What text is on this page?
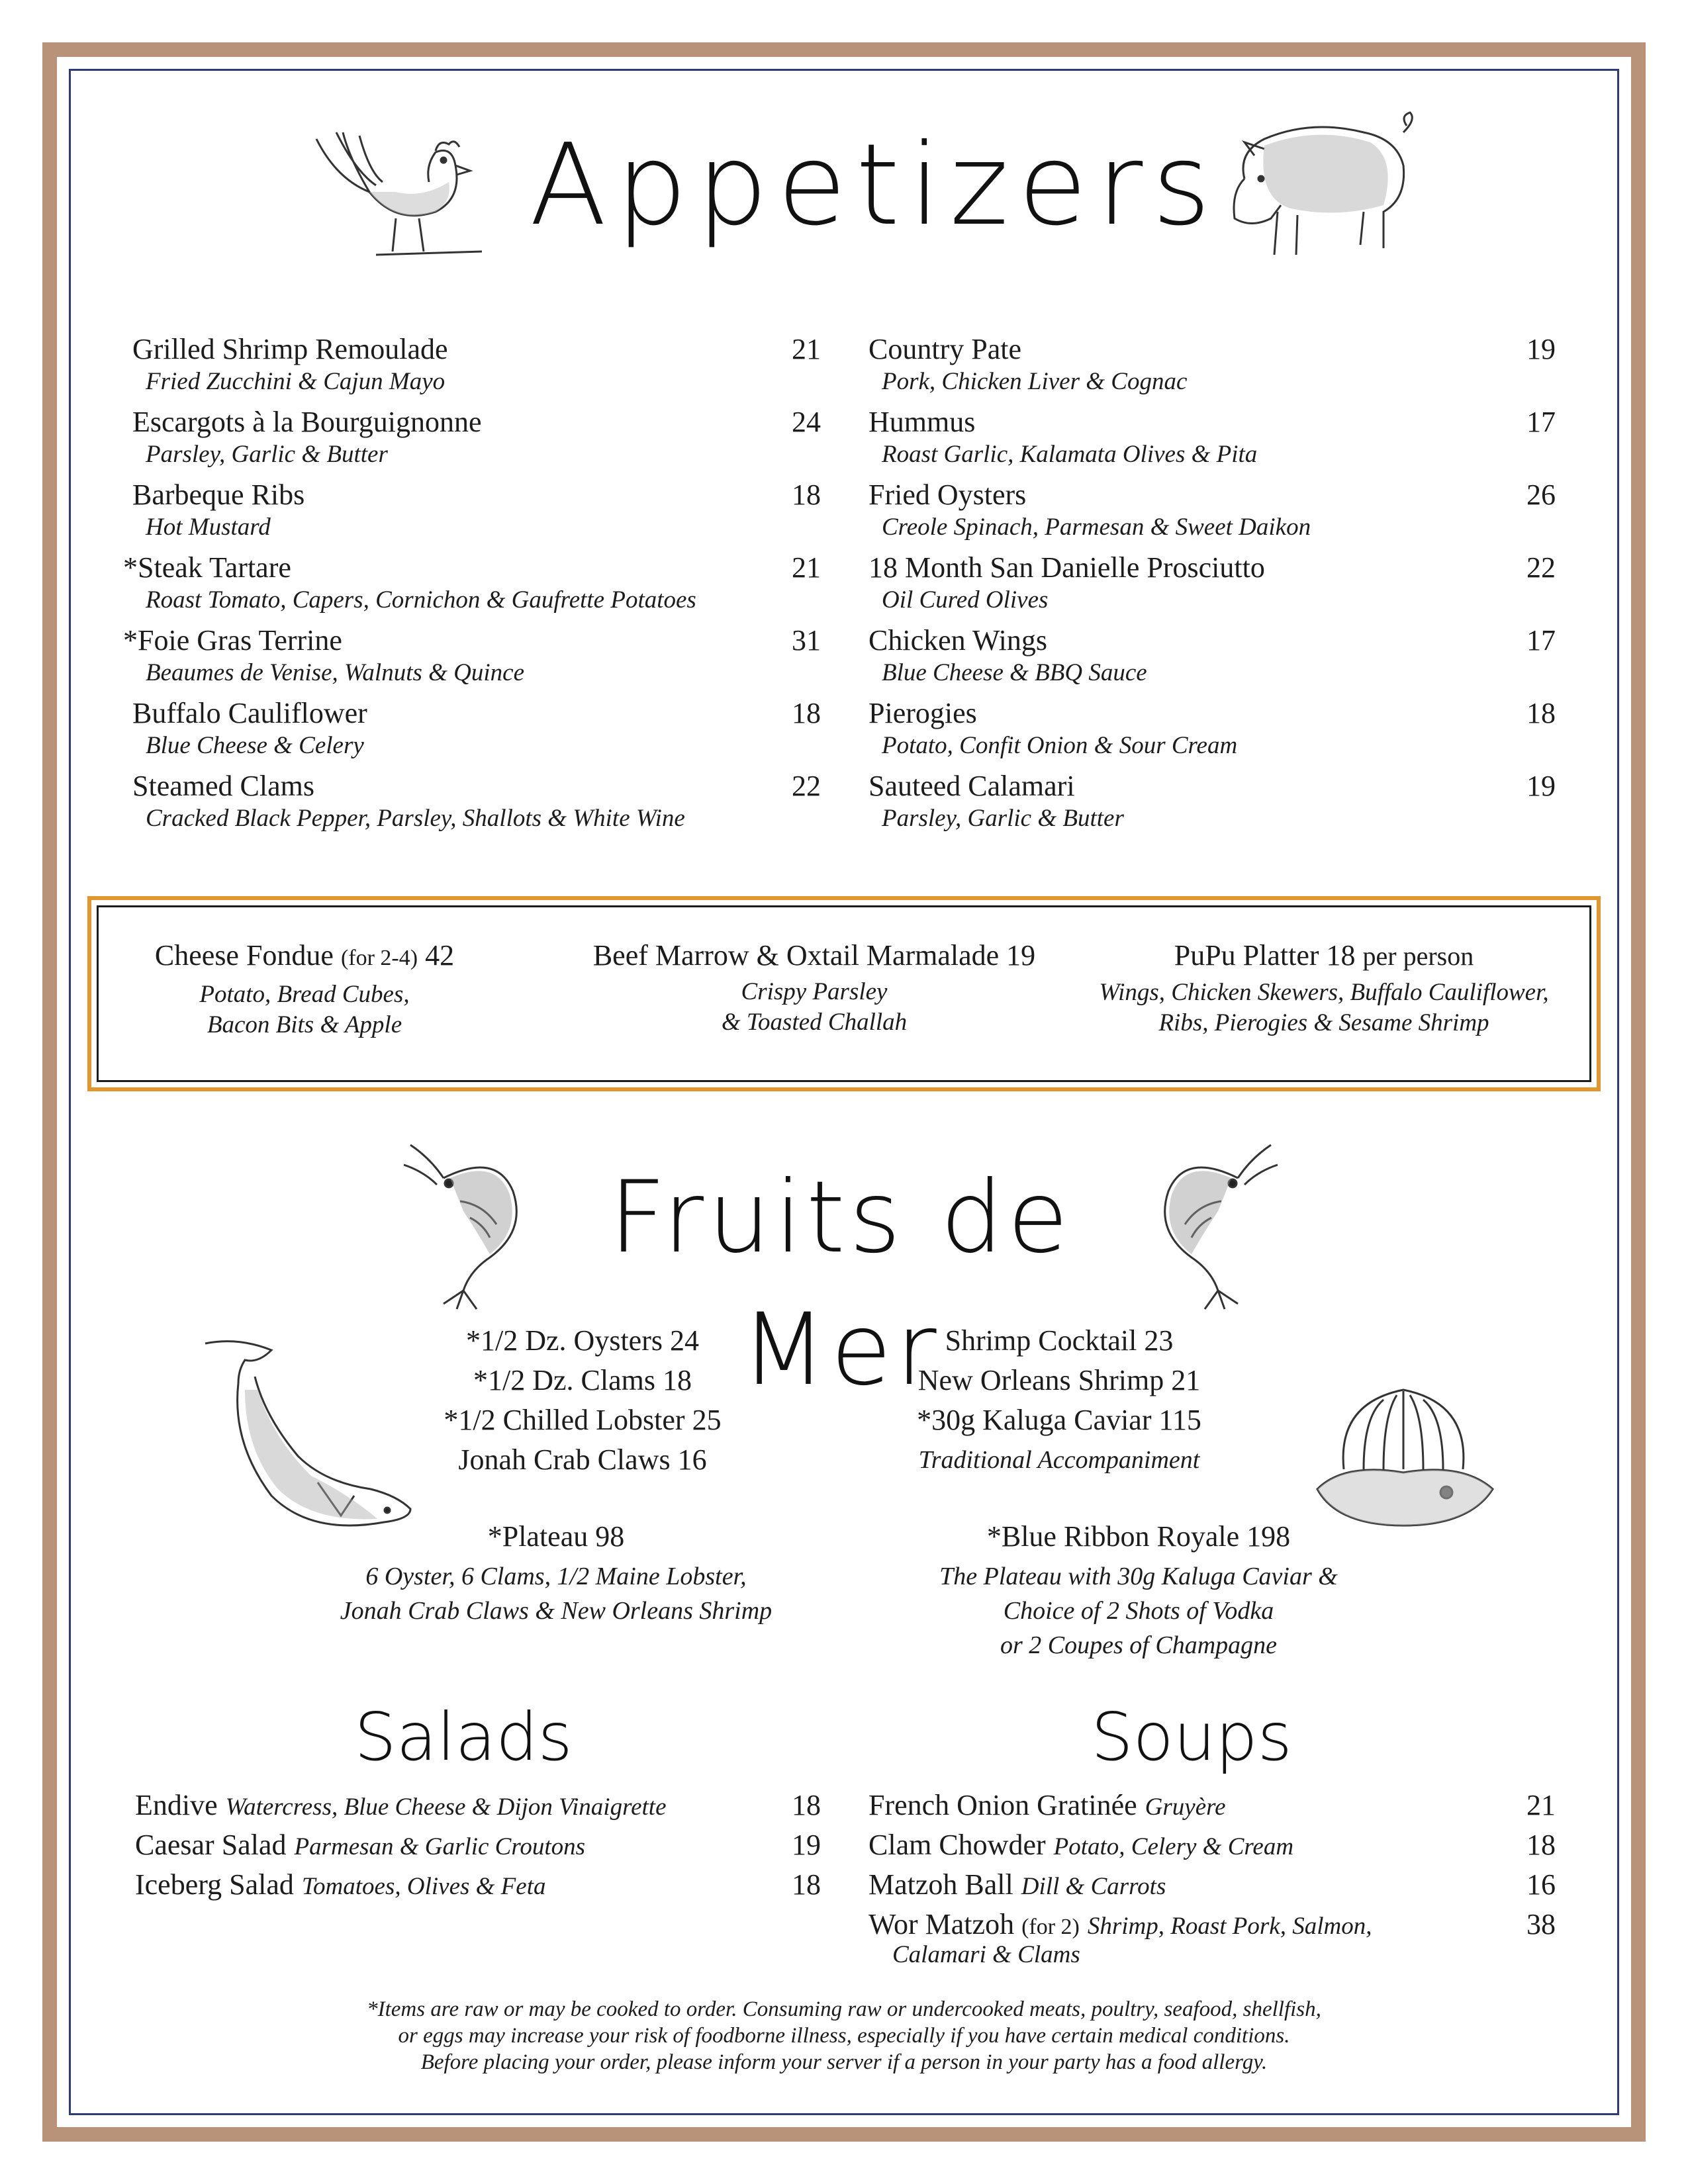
Appetizers
Grilled Shrimp Remoulade
Fried Zucchini & Cajun Mayo
21
Escargots à la Bourguignonne
Parsley, Garlic & Butter
24
Barbeque Ribs
Hot Mustard
18
*Steak Tartare
Roast Tomato, Capers, Cornichon & Gaufrette Potatoes
21
*Foie Gras Terrine
Beaumes de Venise, Walnuts & Quince
31
Buffalo Cauliflower
Blue Cheese & Celery
18
Steamed Clams
Cracked Black Pepper, Parsley, Shallots & White Wine
22
Country Pate
Pork, Chicken Liver & Cognac
19
Hummus
Roast Garlic, Kalamata Olives & Pita
17
Fried Oysters
Creole Spinach, Parmesan & Sweet Daikon
26
18 Month San Danielle Prosciutto
Oil Cured Olives
22
Chicken Wings
Blue Cheese & BBQ Sauce
17
Pierogies
Potato, Confit Onion & Sour Cream
18
Sauteed Calamari
Parsley, Garlic & Butter
19
Cheese Fondue (for 2-4) 42
Potato, Bread Cubes,
Bacon Bits & Apple
Beef Marrow & Oxtail Marmalade 19
Crispy Parsley
& Toasted Challah
PuPu Platter 18 per person
Wings, Chicken Skewers, Buffalo Cauliflower,
Ribs, Pierogies & Sesame Shrimp
Fruits de Mer
*1/2 Dz. Oysters 24
*1/2 Dz. Clams 18
*1/2 Chilled Lobster 25
Jonah Crab Claws 16
Shrimp Cocktail 23
New Orleans Shrimp 21
*30g Kaluga Caviar 115
Traditional Accompaniment
*Plateau 98
6 Oyster, 6 Clams, 1/2 Maine Lobster,
Jonah Crab Claws & New Orleans Shrimp
*Blue Ribbon Royale 198
The Plateau with 30g Kaluga Caviar &
Choice of 2 Shots of Vodka
or 2 Coupes of Champagne
Salads	Soups
Endive Watercress, Blue Cheese & Dijon Vinaigrette	18
Caesar Salad Parmesan & Garlic Croutons	19
Iceberg Salad Tomatoes, Olives & Feta	18
French Onion Gratinée Gruyère	21
Clam Chowder Potato, Celery & Cream	18
Matzoh Ball Dill & Carrots	16
Wor Matzoh (for 2) Shrimp, Roast Pork, Salmon,	38
Calamari & Clams
*Items are raw or may be cooked to order. Consuming raw or undercooked meats, poultry, seafood, shellfish,
or eggs may increase your risk of foodborne illness, especially if you have certain medical conditions.
Before placing your order, please inform your server if a person in your party has a food allergy.
